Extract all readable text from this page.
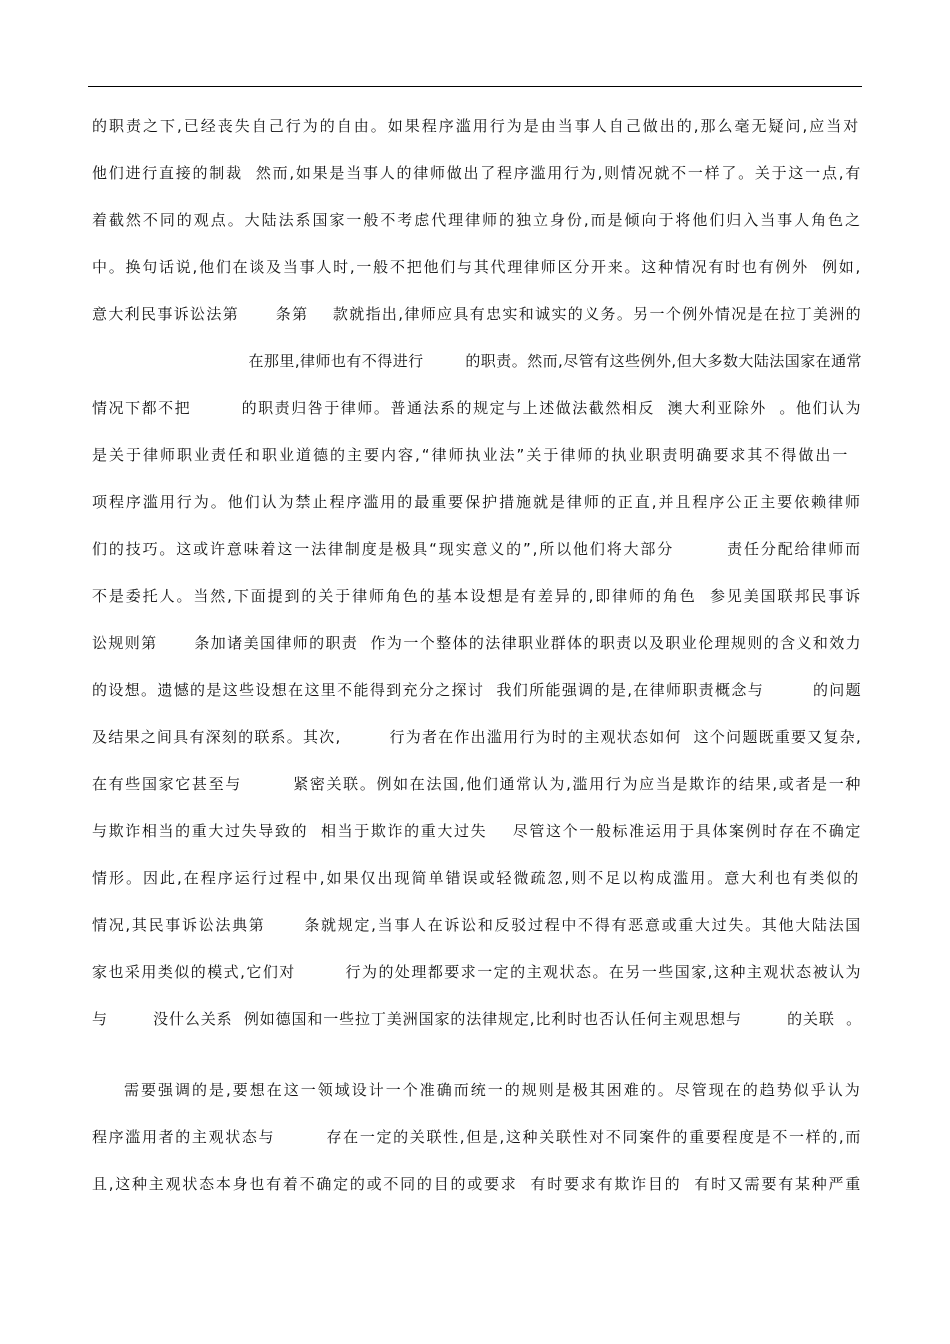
的职责之下,已经丧失自己行为的自由。如果程序滥用行为是由当事人自己做出的,那么毫无疑问,应当对
他们进行直接的制裁  然而,如果是当事人的律师做出了程序滥用行为,则情况就不一样了。关于这一点,有
着截然不同的观点。大陆法系国家一般不考虑代理律师的独立身份,而是倾向于将他们归入当事人角色之
中。换句话说,他们在谈及当事人时,一般不把他们与其代理律师区分开来。这种情况有时也有例外  例如,
意大利民事诉讼法第      条第    款就指出,律师应具有忠实和诚实的义务。另一个例外情况是在拉丁美洲的
在那里,律师也有不得进行        的职责。然而,尽管有这些例外,但大多数大陆法国家在通常
情况下都不把        的职责归咎于律师。普通法系的规定与上述做法截然相反  澳大利亚除外  。他们认为
是关于律师职业责任和职业道德的主要内容,“律师执业法”关于律师的执业职责明确要求其不得做出一
项程序滥用行为。他们认为禁止程序滥用的最重要保护措施就是律师的正直,并且程序公正主要依赖律师
们的技巧。这或许意味着这一法律制度是极具“现实意义的”,所以他们将大部分        责任分配给律师而
不是委托人。当然,下面提到的关于律师角色的基本设想是有差异的,即律师的角色  参见美国联邦民事诉
讼规则第      条加诸美国律师的职责  作为一个整体的法律职业群体的职责以及职业伦理规则的含义和效力
的设想。遗憾的是这些设想在这里不能得到充分之探讨  我们所能强调的是,在律师职责概念与        的问题
及结果之间具有深刻的联系。其次,        行为者在作出滥用行为时的主观状态如何  这个问题既重要又复杂,
在有些国家它甚至与        紧密关联。例如在法国,他们通常认为,滥用行为应当是欺诈的结果,或者是一种
与欺诈相当的重大过失导致的  相当于欺诈的重大过失    尽管这个一般标准运用于具体案例时存在不确定
情形。因此,在程序运行过程中,如果仅出现简单错误或轻微疏忽,则不足以构成滥用。意大利也有类似的
情况,其民事诉讼法典第      条就规定,当事人在诉讼和反驳过程中不得有恶意或重大过失。其他大陆法国
家也采用类似的模式,它们对        行为的处理都要求一定的主观状态。在另一些国家,这种主观状态被认为
与        没什么关系  例如德国和一些拉丁美洲国家的法律规定,比利时也否认任何主观思想与        的关联  。
需要强调的是,要想在这一领域设计一个准确而统一的规则是极其困难的。尽管现在的趋势似乎认为
程序滥用者的主观状态与        存在一定的关联性,但是,这种关联性对不同案件的重要程度是不一样的,而
且,这种主观状态本身也有着不确定的或不同的目的或要求  有时要求有欺诈目的  有时又需要有某种严重
